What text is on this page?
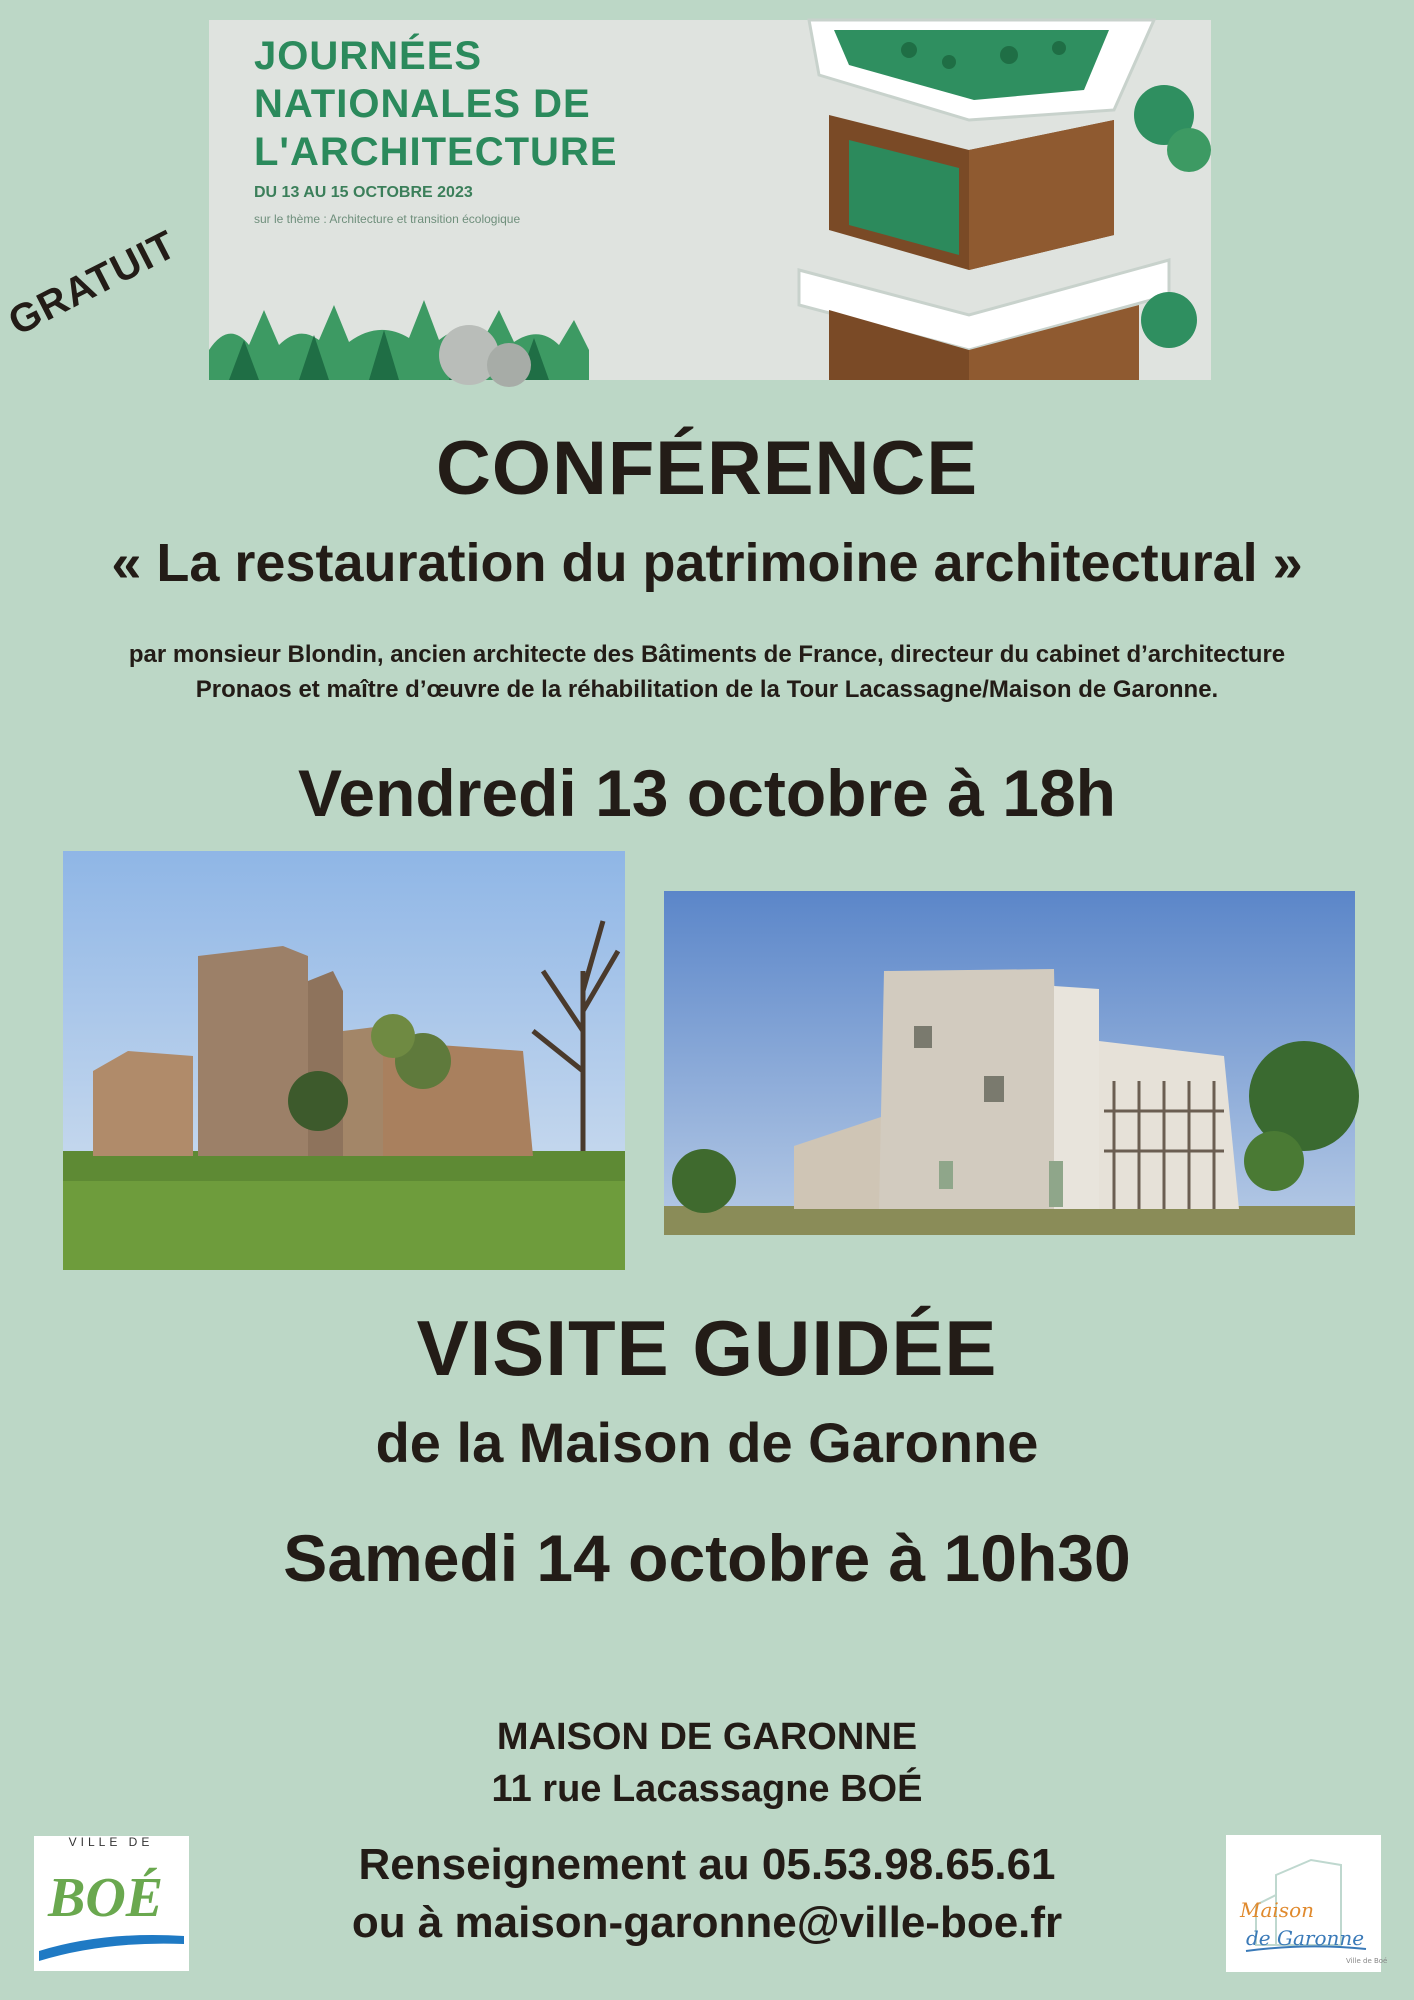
JOURNÉES
NATIONALES DE
L'ARCHITECTURE
DU 13 AU 15 OCTOBRE 2023
sur le thème : Architecture et transition écologique
GRATUIT
CONFÉRENCE
« La restauration du patrimoine architectural »
par monsieur Blondin, ancien architecte des Bâtiments de France, directeur du cabinet d’architecture
Pronaos et maître d’œuvre de la réhabilitation de la Tour Lacassagne/Maison de Garonne.
Vendredi 13 octobre à 18h
VISITE GUIDÉE
de la Maison de Garonne
Samedi 14 octobre à 10h30
MAISON DE GARONNE
11 rue Lacassagne BOÉ
Renseignement au 05.53.98.65.61
ou à maison-garonne@ville-boe.fr
VILLE DE
BOÉ	Maison
de Garonne
Ville de Boé
